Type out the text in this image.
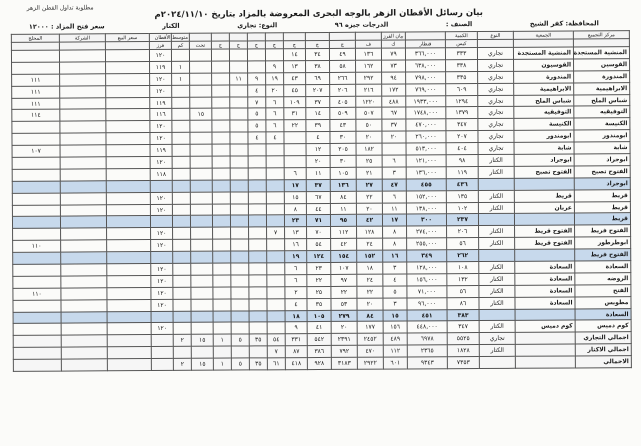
مطلوبة تداول القطن الزهر
بيان رسائل الأقطان الزهر بالوجه البحرى المعروضة بالمزاد بتاريخ ٢٠٢٤/١١/١٠م
المحافظة: كفر الشيخ
الصنف :
الدرجات جيزه ٩٦
النوع: تجاري
الكتار
سعر فتح المزاد : ١٢٠٠٠
مركز التجميع	الجمعية	النوع	الكمية		بيان الفرز										متوسط الأقطان		سعر البيع	الشركة	المحلج
			كيس	قنطار	ك	ف	ج	ج	ج	ج	ج	ج	ج	تحت	كم	فرز			
المنشية المستجدة	المنشية المستجدة	تجاري	٣٣٣	٣٦٦,٠٠٠	٧٩	١٣٦	٤٩	٣٤	١٤							١٢٠			
القوسين	القوسيون	تجاري	٣٣٨	٦٣٨,٠٠٠	٧٣	١٦٢	٥٨	٣٨	١٣	٩					١	١١٩			
المندورة	المندورة	تجاري	٣٣٥	٧٩٨,٠٠٠	٩٤	٢٩٢	٢٦٦	٦٩	٤٣	١٩	٩	١١			١	١٢٠			١١١
الابراهيمية	الابراهيمية	تجاري	٦٠٩	٧٦٩,٠٠٠	١٧٢	٢١٦	٢٠٦	٢٠٧	٤٥	٢٠	٤					١٢٠			١١١
شباس الملح	شباس الملح	تجاري	١٢٩٤	١٩٣٣,٠٠٠	٤٨٨	١٢٢٠	٤٠٥	٣٧	١٠٩	٦	٧					١١٩			١١١
التوفيقيه	التوفيقيه	تجاري	١٣٧٩	١٧٤٨,٠٠٠	٦٧	٥٠٧	٥٠٩	١٤	٣١	٦	٥			١٥		١١٦			١١٤
الكنيسة	الكنيسة	تجاري	٣٤٧	٤٧٠,٠٠٠	٣٧	٥٠	٤٣	٣٩	٢٢	٦	٥					١٢٠			
ابومندور	ابومندور	تجاري	٢٠٧	٢٦٠,٠٠٠	٢٠	٢٠	٣٠	٤		٤	٤					١٢٠			
شابة	شابة	تجاري	٤٠٤	٥١٣,٠٠٠		١٨٢	٢٠٥	١٢								١١٩			١٠٧
ابوجراد	ابوجراد	الكتار	٩٨	١٢١,٠٠٠	٦	٢٥	٣٠	٢٠								١٢٠			
الفتوح تصبح	الفتوح تصبح	الكتار	١١٩	١٣٦,٠٠٠	٣	٢١	١٠٥	١١	٦							١١٨			
ابوجراد			٤٣٦	٤٥٥	٤٧	٢٧	١٣٦	٣٧	١٧										
قريط	قريط	الكتار	١٣٥	١٥٢,٠٠٠	٦	٢٢	٨٤	٦٧	١٥							١٢٠			
قريط	عربان	الكتار	١٠٢	١٣٨,٠٠٠	١١	٢٠	١١	٤٤	٨							١٢٠			
قريط			٢٣٧	٣٠٠	١٧	٤٢	٩٥	٧١	٢٣										
الفتوح فريط	الفتوح قريط	الكتار	٢٠٦	٢٧٤,٠٠٠	٨	١٢٨	١١٢	٧٠	١٣	٧						١٢٠			
ابوطرطور	الفتوح قريط	الكتار	٥٦	٢٥٥,٠٠٠	٨	٢٤	٤٢	٥٤	١٦							١٢٠			١١٠
الفتوح فريط			٢٦٢	٣٤٩	١٦	١٥٢	١٥٤	١٢٤	١٩										
السعادة	السعادة	الكتار	١٠٨	١٢٨,٠٠٠	٣	١٨	١٠٧	٢٣	٦							١٢٠			
الروضه	السعادة	الكتار	١٣٢	١٥٦,٠٠٠	٤	٢٤	٩٧	٢٢	٦							١٢٠			
الفتح	السعادة	الكتار	٥٦	٧١,٠٠٠	٥	٢٢	٢٢	٢٥	٢							١٢٠			١١٠
مطوبس	السعادة	الكتار	٨٦	٩٦,٠٠٠	٣	٢٠	٥٣	٣٥	٤							١٢٠			
السعادة			٣٨٣	٤٥١	١٥	٨٤	٢٧٩	١٠٥	١٨										
كوم دميس	كوم دميس	الكتار	٣٤٧	٤٤٨,٠٠٠	١٥٦	١٧٧	٢٠	٤١	٩							١٢٠			
اجمالي التجاري		تجاري	٥٥٢٥	٦٩٧٨	٤٨٩	٢٤٥٢	٢٣٩١	٥٤٢	٣٣١	٥٤	٣٥	٥	١	١٥	٢				
اجمالي الاكتار		الكتار	١٨٢٨	٢٣٦٥	١١٢	٤٧٠	٧٩٢	٣٨٦	٨٧	٧									
الاجمالي			٧٣٥٣	٩٣٤٣	٦٠١	٢٩٢٢	٣١٨٣	٩٢٨	٤١٨	٦١	٣٥	٥	١	١٥	٢				
